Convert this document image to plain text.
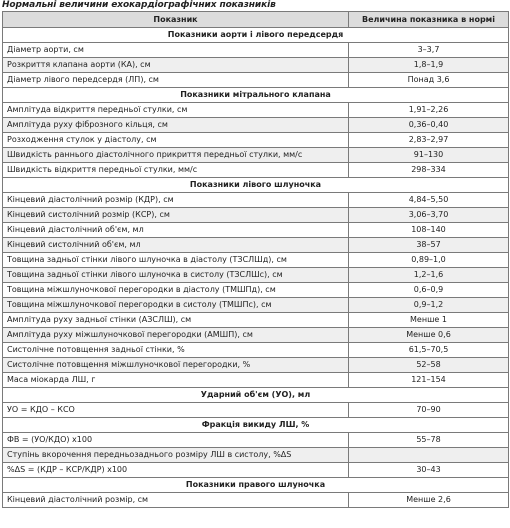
Нормальні величини ехокардіографічних показників
Показник	Величина показника в нормі
Показники аорти і лівого передсердя	
Діаметр аорти, см	3–3,7
Розкриття клапана аорти (КА), см	1,8–1,9
Діаметр лівого передсердя (ЛП), см	Понад 3,6
Показники мітрального клапана	
Амплітуда відкриття передньої стулки, см	1,91–2,26
Амплітуда руху фіброзного кільця, см	0,36–0,40
Розходження стулок у діастолу, см	2,83–2,97
Швидкість раннього діастолічного прикриття передньої стулки, мм/с	91–130
Швидкість відкриття передньої стулки, мм/с	298–334
Показники лівого шлуночка	
Кінцевий діастолічний розмір (КДР), см	4,84–5,50
Кінцевий систолічний розмір (КСР), см	3,06–3,70
Кінцевий діастолічний об'єм, мл	108–140
Кінцевий систолічний об'єм, мл	38–57
Товщина задньої стінки лівого шлуночка в діастолу (ТЗСЛШд), см	0,89–1,0
Товщина задньої стінки лівого шлуночка в систолу (ТЗСЛШс), см	1,2–1,6
Товщина міжшлуночкової перегородки в діастолу (ТМШПд), см	0,6–0,9
Товщина міжшлуночкової перегородки в систолу (ТМШПс), см	0,9–1,2
Амплітуда руху задньої стінки (АЗСЛШ), см	Менше 1
Амплітуда руху міжшлуночкової перегородки (АМШП), см	Менше 0,6
Систолічне потовщення задньої стінки, %	61,5–70,5
Систолічне потовщення міжшлуночкової перегородки, %	52–58
Маса міокарда ЛШ, г	121–154
Ударний об'єм (УО), мл	
УО = КДО – КСО	70–90
Фракція викиду ЛШ, %	
ФВ = (УО/КДО) х100	55–78
Ступінь вкорочення передньозаднього розміру ЛШ в систолу, %ΔS	
%ΔS = (КДР – КСР/КДР) х100	30–43
Показники правого шлуночка	
Кінцевий діастолічний розмір, см	Менше 2,6
